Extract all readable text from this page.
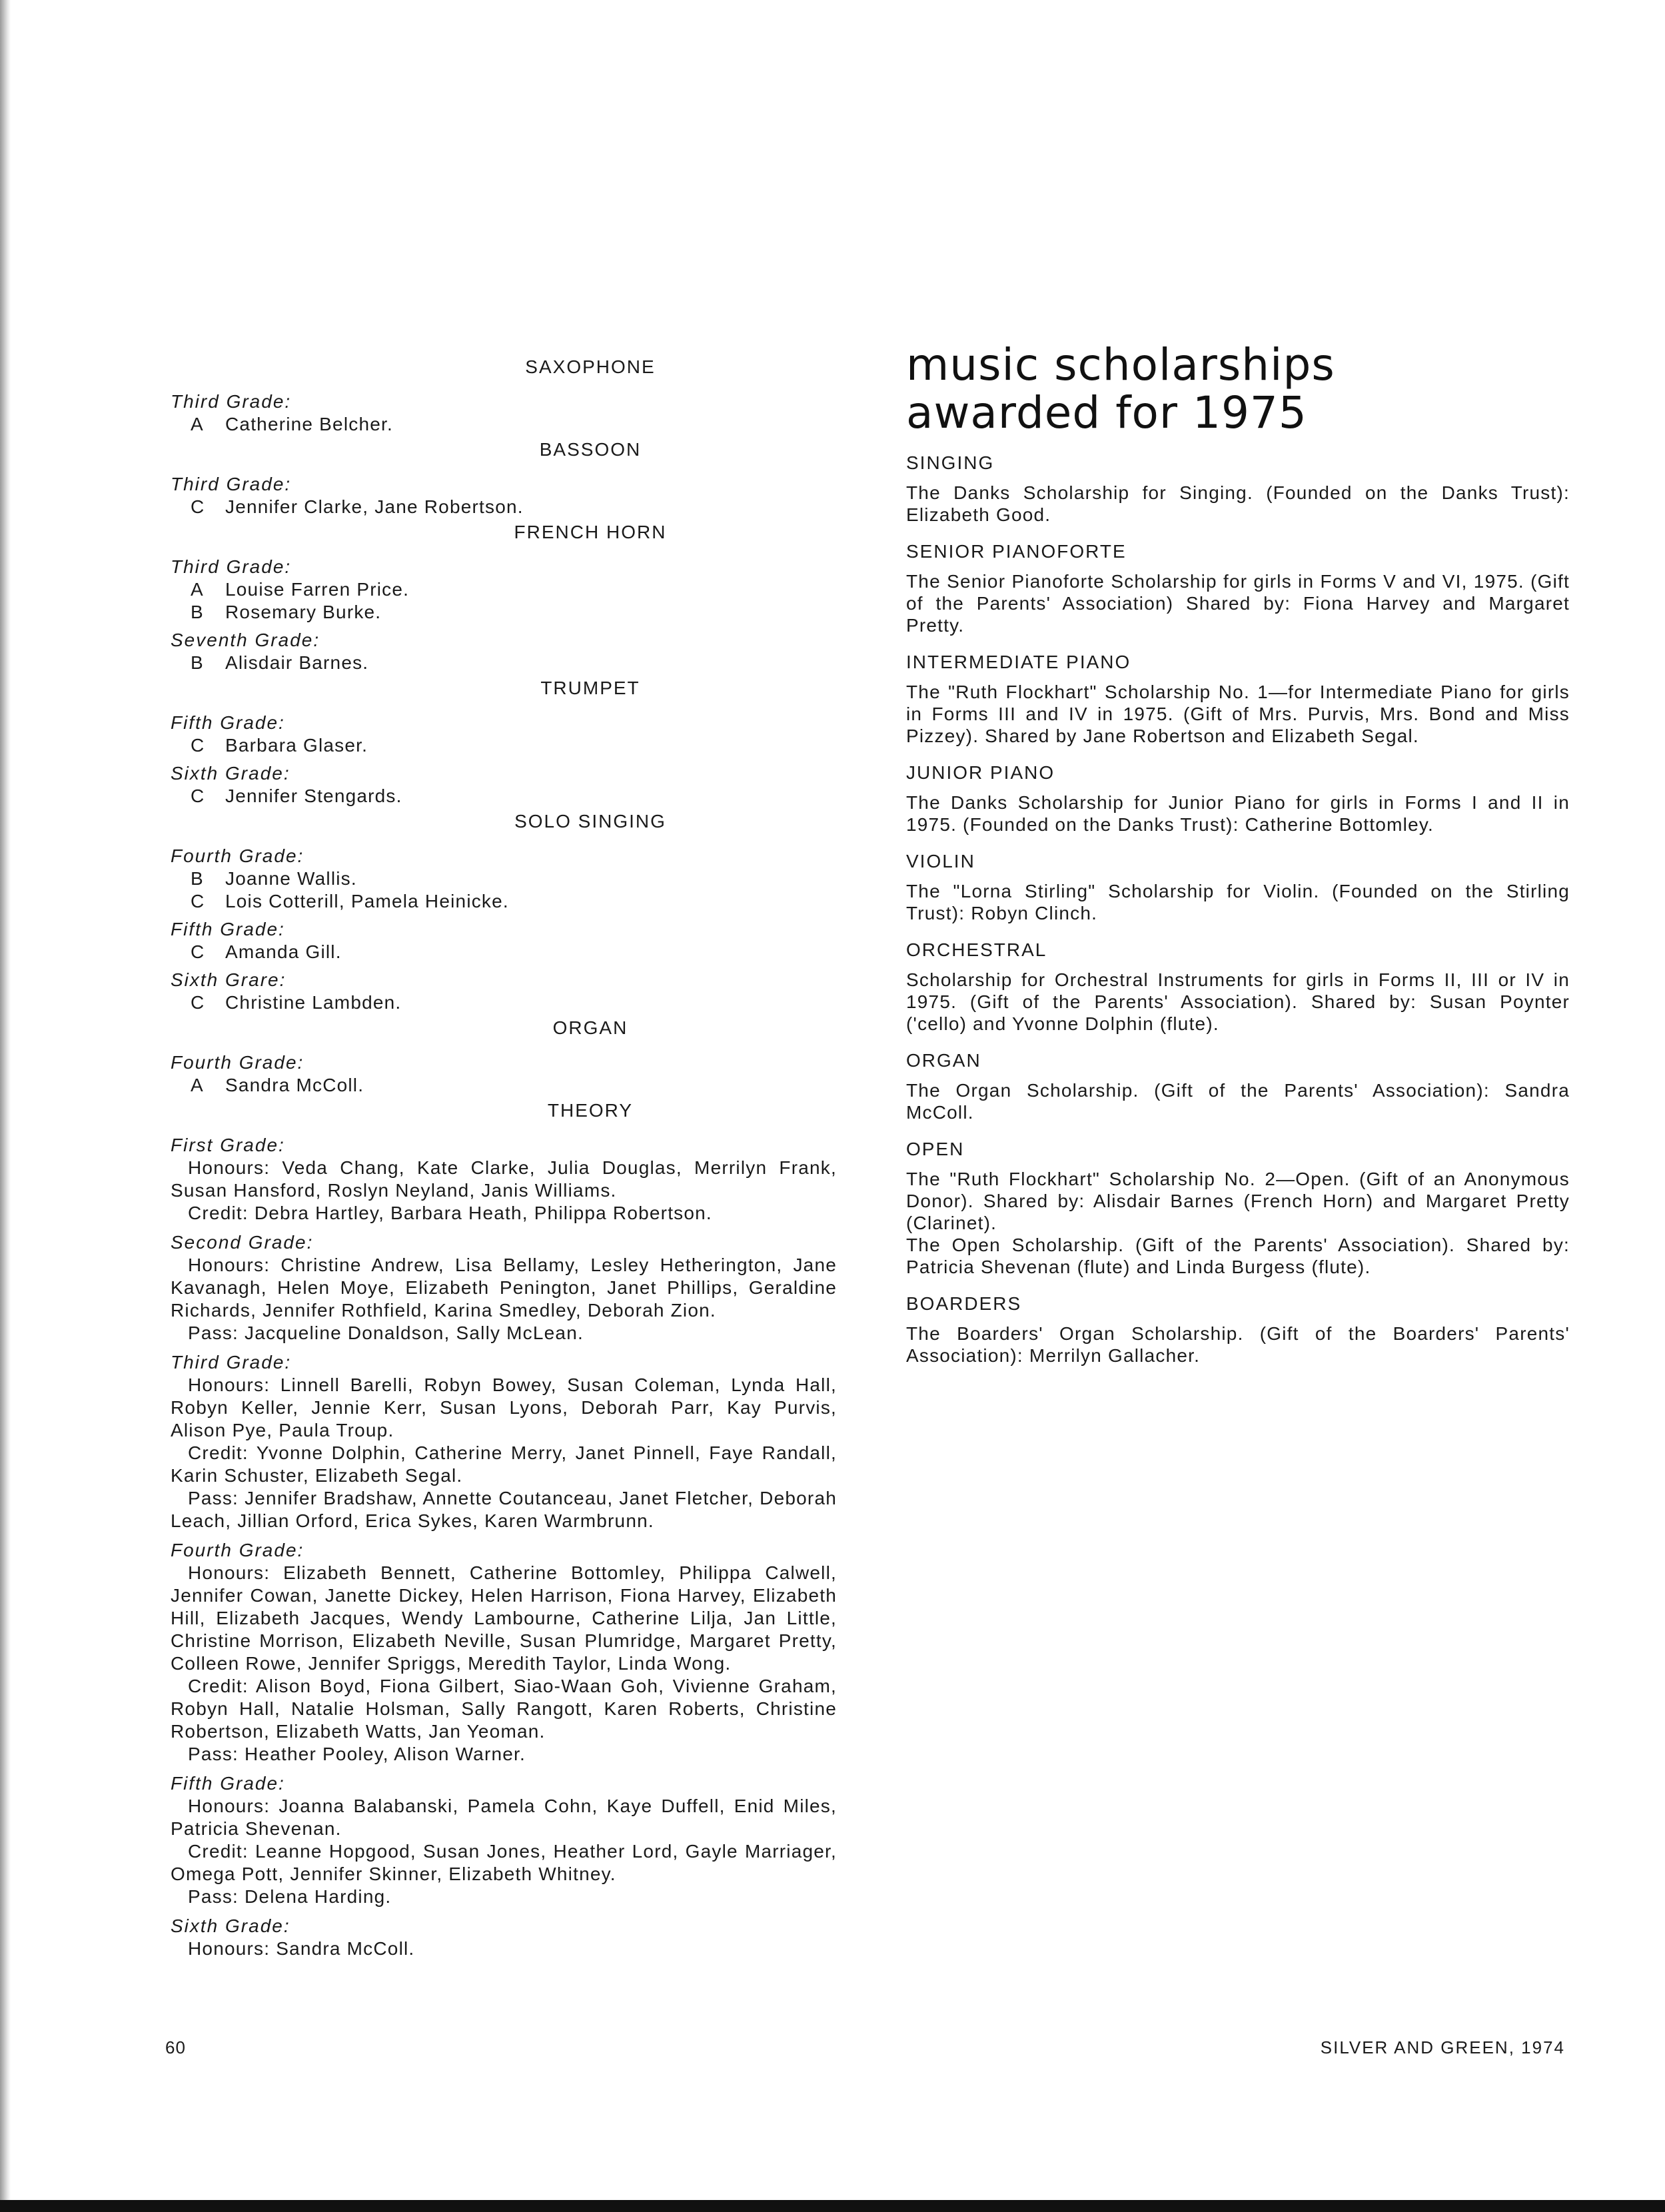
SAXOPHONE
Third Grade:
A Catherine Belcher.
BASSOON
Third Grade:
C Jennifer Clarke, Jane Robertson.
FRENCH HORN
Third Grade:
A Louise Farren Price.
B Rosemary Burke.
Seventh Grade:
B Alisdair Barnes.
TRUMPET
Fifth Grade:
C Barbara Glaser.
Sixth Grade:
C Jennifer Stengards.
SOLO SINGING
Fourth Grade:
B Joanne Wallis.
C Lois Cotterill, Pamela Heinicke.
Fifth Grade:
C Amanda Gill.
Sixth Grare:
C Christine Lambden.
ORGAN
Fourth Grade:
A Sandra McColl.
THEORY
First Grade:
Honours: Veda Chang, Kate Clarke, Julia Douglas, Merrilyn Frank, Susan Hansford, Roslyn Neyland, Janis Williams.
Credit: Debra Hartley, Barbara Heath, Philippa Robertson.
Second Grade:
Honours: Christine Andrew, Lisa Bellamy, Lesley Hetherington, Jane Kavanagh, Helen Moye, Elizabeth Penington, Janet Phillips, Geraldine Richards, Jennifer Rothfield, Karina Smedley, Deborah Zion.
Pass: Jacqueline Donaldson, Sally McLean.
Third Grade:
Honours: Linnell Barelli, Robyn Bowey, Susan Coleman, Lynda Hall, Robyn Keller, Jennie Kerr, Susan Lyons, Deborah Parr, Kay Purvis, Alison Pye, Paula Troup.
Credit: Yvonne Dolphin, Catherine Merry, Janet Pinnell, Faye Randall, Karin Schuster, Elizabeth Segal.
Pass: Jennifer Bradshaw, Annette Coutanceau, Janet Fletcher, Deborah Leach, Jillian Orford, Erica Sykes, Karen Warmbrunn.
Fourth Grade:
Honours: Elizabeth Bennett, Catherine Bottomley, Philippa Calwell, Jennifer Cowan, Janette Dickey, Helen Harrison, Fiona Harvey, Elizabeth Hill, Elizabeth Jacques, Wendy Lambourne, Catherine Lilja, Jan Little, Christine Morrison, Elizabeth Neville, Susan Plumridge, Margaret Pretty, Colleen Rowe, Jennifer Spriggs, Meredith Taylor, Linda Wong.
Credit: Alison Boyd, Fiona Gilbert, Siao-Waan Goh, Vivienne Graham, Robyn Hall, Natalie Holsman, Sally Rangott, Karen Roberts, Christine Robertson, Elizabeth Watts, Jan Yeoman.
Pass: Heather Pooley, Alison Warner.
Fifth Grade:
Honours: Joanna Balabanski, Pamela Cohn, Kaye Duffell, Enid Miles, Patricia Shevenan.
Credit: Leanne Hopgood, Susan Jones, Heather Lord, Gayle Marriager, Omega Pott, Jennifer Skinner, Elizabeth Whitney.
Pass: Delena Harding.
Sixth Grade:
Honours: Sandra McColl.
music scholarships
awarded for 1975
SINGING

The Danks Scholarship for Singing. (Founded on the Danks Trust): Elizabeth Good.

SENIOR PIANOFORTE

The Senior Pianoforte Scholarship for girls in Forms V and VI, 1975. (Gift of the Parents' Association) Shared by: Fiona Harvey and Margaret Pretty.

INTERMEDIATE PIANO

The "Ruth Flockhart" Scholarship No. 1—for Intermediate Piano for girls in Forms III and IV in 1975. (Gift of Mrs. Purvis, Mrs. Bond and Miss Pizzey). Shared by Jane Robertson and Elizabeth Segal.

JUNIOR PIANO

The Danks Scholarship for Junior Piano for girls in Forms I and II in 1975. (Founded on the Danks Trust): Catherine Bottomley.

VIOLIN

The "Lorna Stirling" Scholarship for Violin. (Founded on the Stirling Trust): Robyn Clinch.

ORCHESTRAL

Scholarship for Orchestral Instruments for girls in Forms II, III or IV in 1975. (Gift of the Parents' Association). Shared by: Susan Poynter ('cello) and Yvonne Dolphin (flute).

ORGAN

The Organ Scholarship. (Gift of the Parents' Association): Sandra McColl.

OPEN

The "Ruth Flockhart" Scholarship No. 2—Open. (Gift of an Anonymous Donor). Shared by: Alisdair Barnes (French Horn) and Margaret Pretty (Clarinet).

The Open Scholarship. (Gift of the Parents' Association). Shared by: Patricia Shevenan (flute) and Linda Burgess (flute).

BOARDERS

The Boarders' Organ Scholarship. (Gift of the Boarders' Parents' Association): Merrilyn Gallacher.

60	SILVER AND GREEN, 1974
